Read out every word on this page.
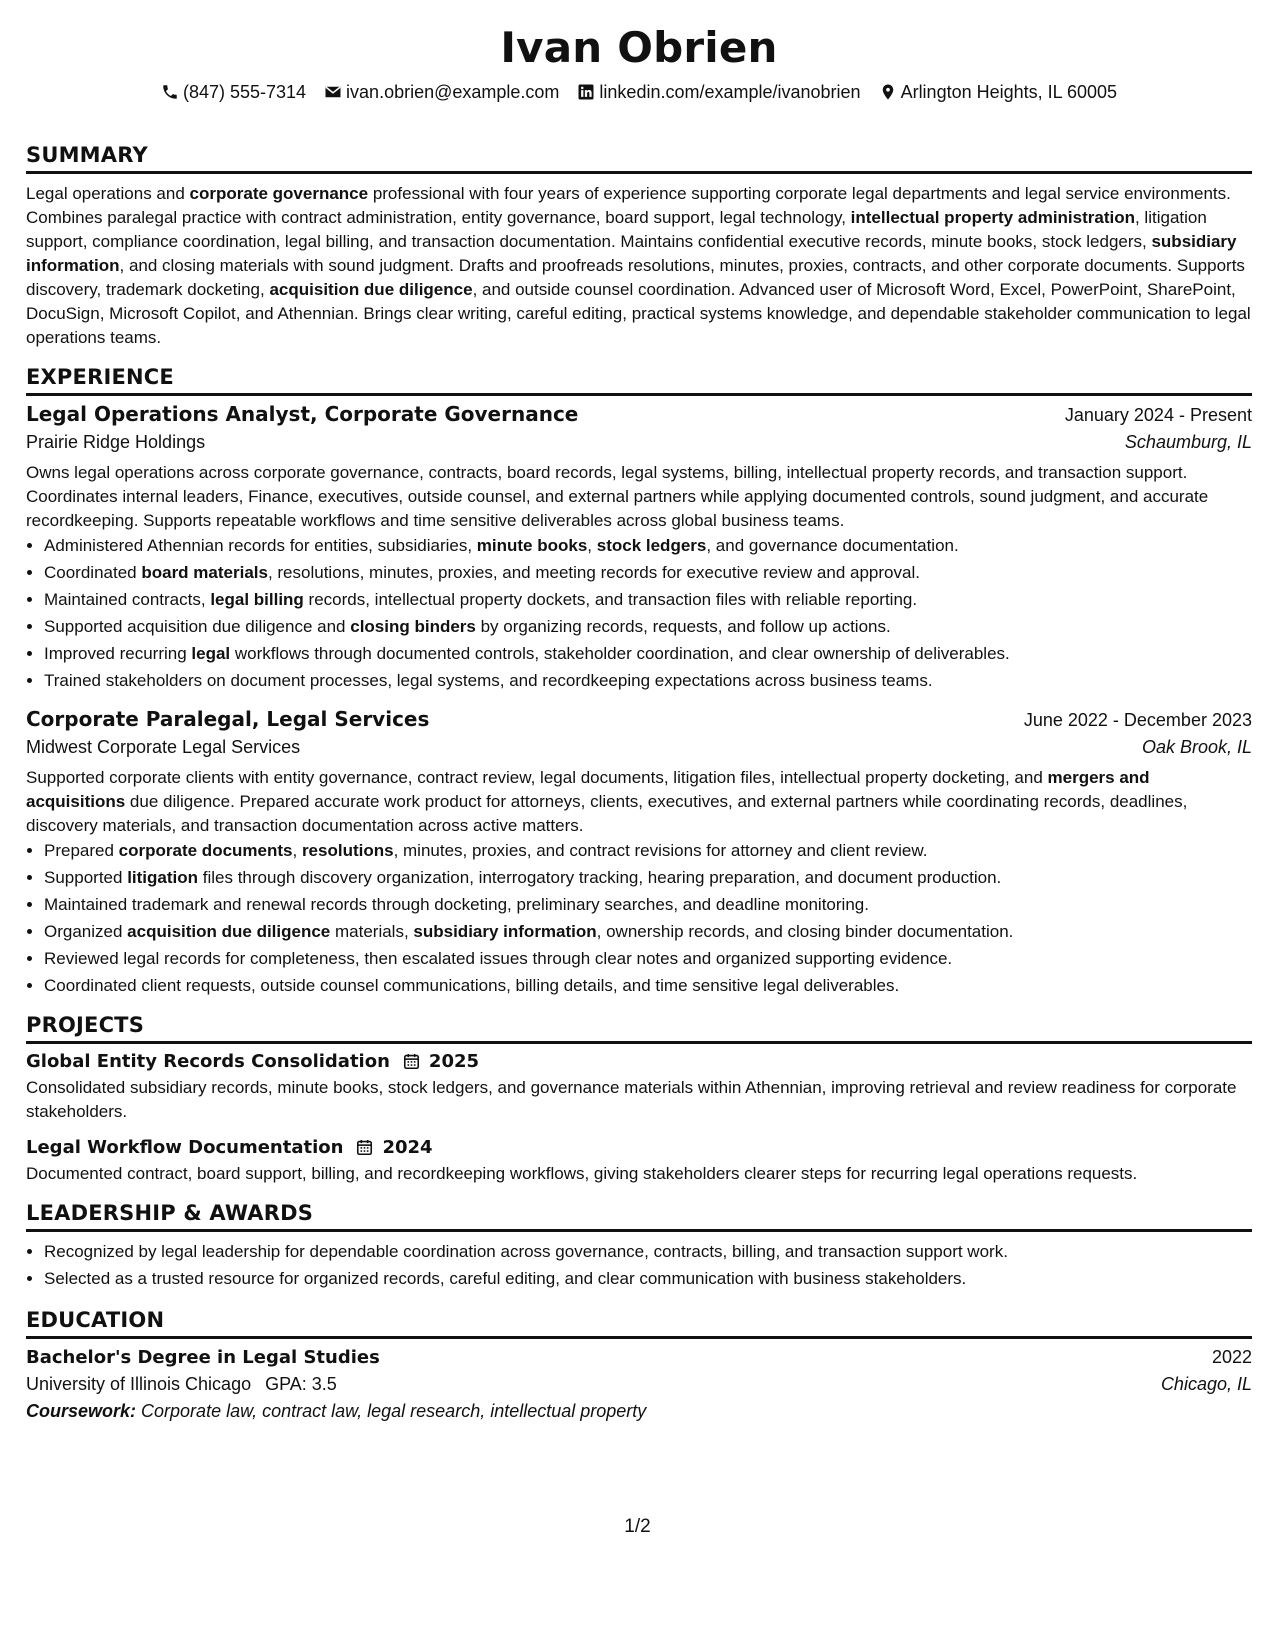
Ivan Obrien
(847) 555-7314 ivan.obrien@example.com linkedin.com/example/ivanobrien Arlington Heights, IL 60005
SUMMARY

Legal operations and corporate governance professional with four years of experience supporting corporate legal departments and legal service environments. Combines paralegal practice with contract administration, entity governance, board support, legal technology, intellectual property administration, litigation support, compliance coordination, legal billing, and transaction documentation. Maintains confidential executive records, minute books, stock ledgers, subsidiary information, and closing materials with sound judgment. Drafts and proofreads resolutions, minutes, proxies, contracts, and other corporate documents. Supports discovery, trademark docketing, acquisition due diligence, and outside counsel coordination. Advanced user of Microsoft Word, Excel, PowerPoint, SharePoint, DocuSign, Microsoft Copilot, and Athennian. Brings clear writing, careful editing, practical systems knowledge, and dependable stakeholder communication to legal operations teams.

EXPERIENCE
Legal Operations Analyst, Corporate Governance	January 2024 - Present
Prairie Ridge Holdings	Schaumburg, IL

Owns legal operations across corporate governance, contracts, board records, legal systems, billing, intellectual property records, and transaction support. Coordinates internal leaders, Finance, executives, outside counsel, and external partners while applying documented controls, sound judgment, and accurate recordkeeping. Supports repeatable workflows and time sensitive deliverables across global business teams.

• Administered Athennian records for entities, subsidiaries, minute books, stock ledgers, and governance documentation.
• Coordinated board materials, resolutions, minutes, proxies, and meeting records for executive review and approval.
• Maintained contracts, legal billing records, intellectual property dockets, and transaction files with reliable reporting.
• Supported acquisition due diligence and closing binders by organizing records, requests, and follow up actions.
• Improved recurring legal workflows through documented controls, stakeholder coordination, and clear ownership of deliverables.
• Trained stakeholders on document processes, legal systems, and recordkeeping expectations across business teams.
Corporate Paralegal, Legal Services	June 2022 - December 2023
Midwest Corporate Legal Services	Oak Brook, IL

Supported corporate clients with entity governance, contract review, legal documents, litigation files, intellectual property docketing, and mergers and acquisitions due diligence. Prepared accurate work product for attorneys, clients, executives, and external partners while coordinating records, deadlines, discovery materials, and transaction documentation across active matters.

• Prepared corporate documents, resolutions, minutes, proxies, and contract revisions for attorney and client review.
• Supported litigation files through discovery organization, interrogatory tracking, hearing preparation, and document production.
• Maintained trademark and renewal records through docketing, preliminary searches, and deadline monitoring.
• Organized acquisition due diligence materials, subsidiary information, ownership records, and closing binder documentation.
• Reviewed legal records for completeness, then escalated issues through clear notes and organized supporting evidence.
• Coordinated client requests, outside counsel communications, billing details, and time sensitive legal deliverables.
PROJECTS
Global Entity Records Consolidation 2025

Consolidated subsidiary records, minute books, stock ledgers, and governance materials within Athennian, improving retrieval and review readiness for corporate stakeholders.

Legal Workflow Documentation 2024

Documented contract, board support, billing, and recordkeeping workflows, giving stakeholders clearer steps for recurring legal operations requests.

LEADERSHIP & AWARDS
• Recognized by legal leadership for dependable coordination across governance, contracts, billing, and transaction support work.
• Selected as a trusted resource for organized records, careful editing, and clear communication with business stakeholders.
EDUCATION
Bachelor's Degree in Legal Studies	2022
University of Illinois Chicago GPA: 3.5	Chicago, IL
Coursework: Corporate law, contract law, legal research, intellectual property
1/2
